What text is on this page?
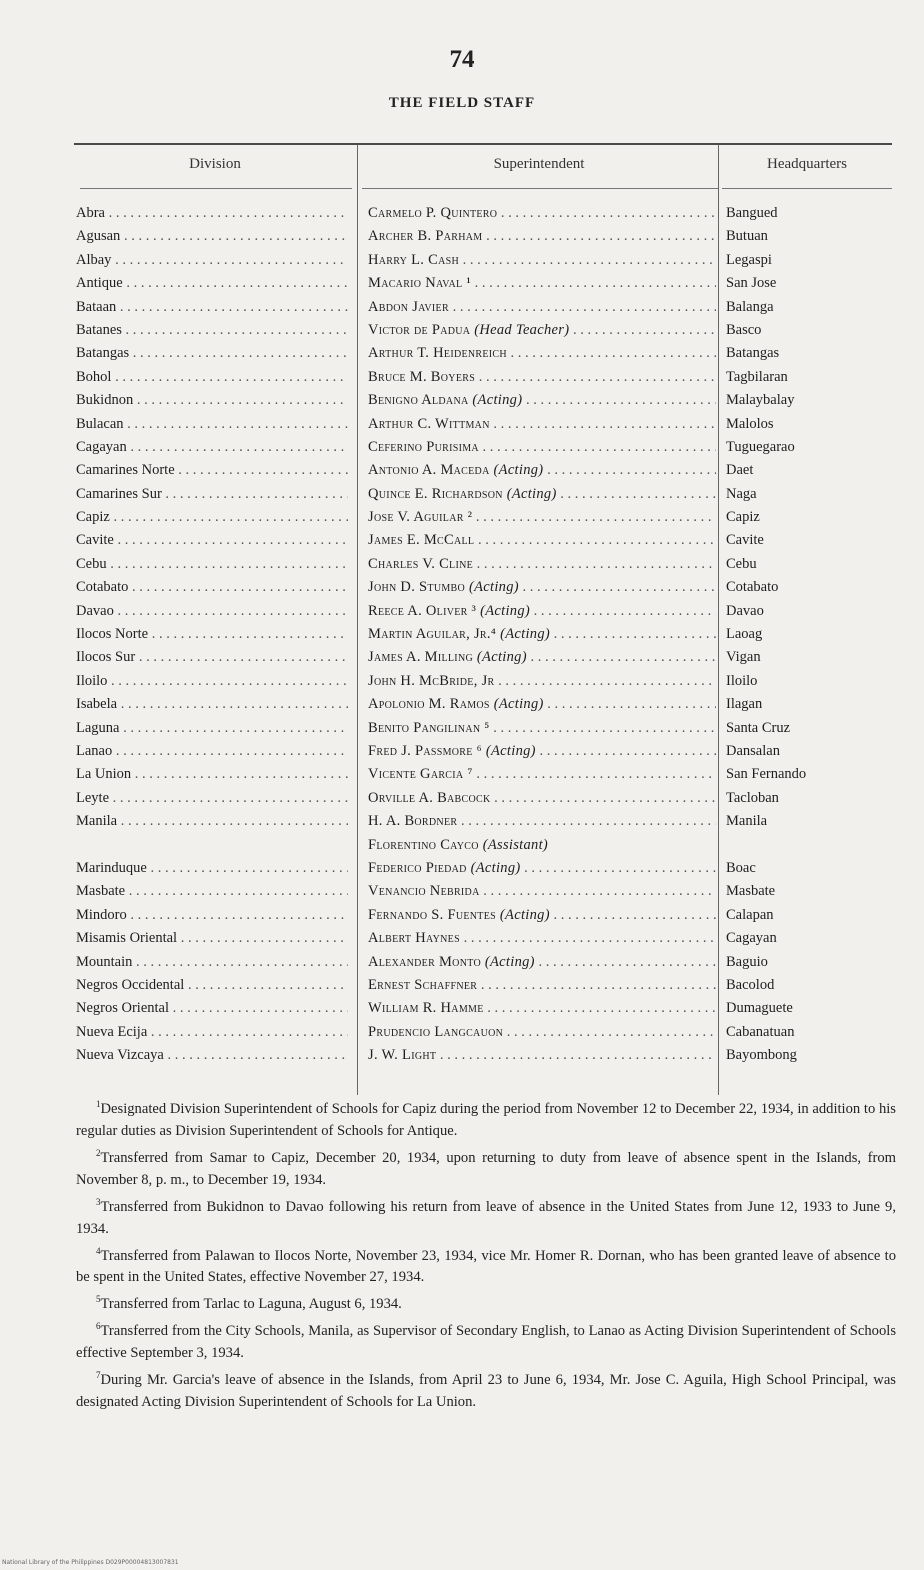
74
THE FIELD STAFF
Division	Superintendent	Headquarters
Abra . . .	Carmelo P. Quintero . . .	Bangued
Agusan . . .	Archer B. Parham . . .	Butuan
Albay . . .	Harry L. Cash . . .	Legaspi
Antique . . .	Macario Naval ¹ . . .	San Jose
Bataan . . .	Abdon Javier . . .	Balanga
Batanes . . .	Victor de Padua (Head Teacher) . . .	Basco
Batangas . . .	Arthur T. Heidenreich . . .	Batangas
Bohol . . .	Bruce M. Boyers . . .	Tagbilaran
Bukidnon . . .	Benigno Aldana (Acting) . . .	Malaybalay
Bulacan . . .	Arthur C. Wittman . . .	Malolos
Cagayan . . .	Ceferino Purisima . . .	Tuguegarao
Camarines Norte . . .	Antonio A. Maceda (Acting) . . .	Daet
Camarines Sur . . .	Quince E. Richardson (Acting) . . .	Naga
Capiz . . .	Jose V. Aguilar ² . . .	Capiz
Cavite . . .	James E. McCall . . .	Cavite
Cebu . . .	Charles V. Cline . . .	Cebu
Cotabato . . .	John D. Stumbo (Acting) . . .	Cotabato
Davao . . .	Reece A. Oliver ³ (Acting) . . .	Davao
Ilocos Norte . . .	Martin Aguilar, Jr.⁴ (Acting) . . .	Laoag
Ilocos Sur . . .	James A. Milling (Acting) . . .	Vigan
Iloilo . . .	John H. McBride, Jr . . .	Iloilo
Isabela . . .	Apolonio M. Ramos (Acting) . . .	Ilagan
Laguna . . .	Benito Pangilinan ⁵ . . .	Santa Cruz
Lanao . . .	Fred J. Passmore ⁶ (Acting) . . .	Dansalan
La Union . . .	Vicente Garcia ⁷ . . .	San Fernando
Leyte . . .	Orville A. Babcock . . .	Tacloban
Manila . . .	H. A. Bordner . . .	Manila
Florentino Cayco (Assistant)
Marinduque . . .	Federico Piedad (Acting) . . .	Boac
Masbate . . .	Venancio Nebrida . . .	Masbate
Mindoro . . .	Fernando S. Fuentes (Acting) . . .	Calapan
Misamis Oriental . . .	Albert Haynes . . .	Cagayan
Mountain . . .	Alexander Monto (Acting) . . .	Baguio
Negros Occidental . . .	Ernest Schaffner . . .	Bacolod
Negros Oriental . . .	William R. Hamme . . .	Dumaguete
Nueva Ecija . . .	Prudencio Langcauon . . .	Cabanatuan
Nueva Vizcaya . . .	J. W. Light . . .	Bayombong

$^1$Designated Division Superintendent of Schools for Capiz during the period from November 12 to December 22, 1934, in addition to his regular duties as Division Superintendent of Schools for Antique.

$^2$Transferred from Samar to Capiz, December 20, 1934, upon returning to duty from leave of absence spent in the Islands, from November 8, p. m., to December 19, 1934.

$^3$Transferred from Bukidnon to Davao following his return from leave of absence in the United States from June 12, 1933 to June 9, 1934.

$^4$Transferred from Palawan to Ilocos Norte, November 23, 1934, vice Mr. Homer R. Dornan, who has been granted leave of absence to be spent in the United States, effective November 27, 1934.

$^5$Transferred from Tarlac to Laguna, August 6, 1934.

$^6$Transferred from the City Schools, Manila, as Supervisor of Secondary English, to Lanao as Acting Division Superintendent of Schools effective September 3, 1934.

$^7$During Mr. Garcia's leave of absence in the Islands, from April 23 to June 6, 1934, Mr. Jose C. Aguila, High School Principal, was designated Acting Division Superintendent of Schools for La Union.

National Library of the Philippines D029P00004813007831
